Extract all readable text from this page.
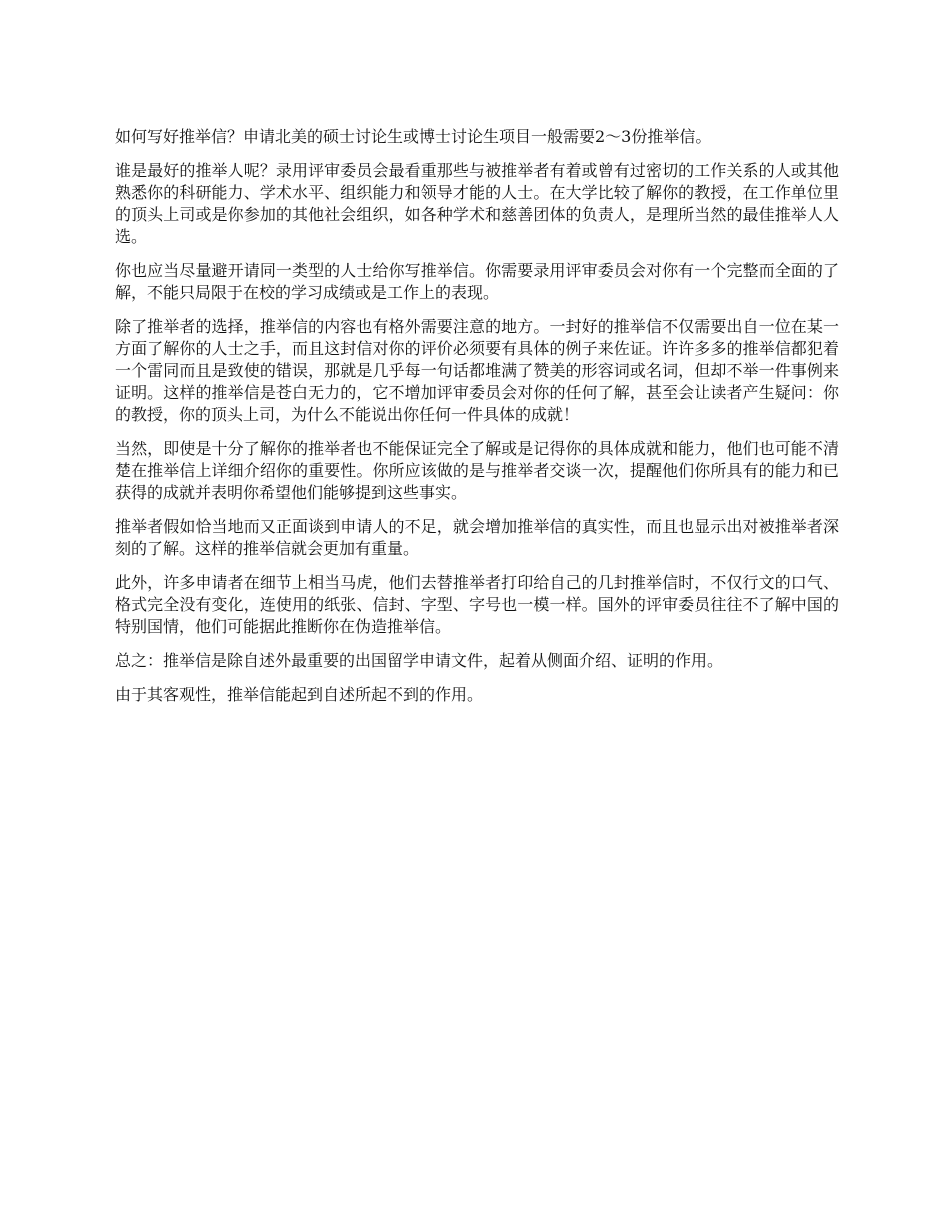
如何写好推举信？申请北美的硕士讨论生或博士讨论生项目一般需要2～3份推举信。

谁是最好的推举人呢？录用评审委员会最看重那些与被推举者有着或曾有过密切的工作关系的人或其他熟悉你的科研能力、学术水平、组织能力和领导才能的人士。在大学比较了解你的教授，在工作单位里的顶头上司或是你参加的其他社会组织，如各种学术和慈善团体的负责人，是理所当然的最佳推举人人选。

你也应当尽量避开请同一类型的人士给你写推举信。你需要录用评审委员会对你有一个完整而全面的了解，不能只局限于在校的学习成绩或是工作上的表现。

除了推举者的选择，推举信的内容也有格外需要注意的地方。一封好的推举信不仅需要出自一位在某一方面了解你的人士之手，而且这封信对你的评价必须要有具体的例子来佐证。许许多多的推举信都犯着一个雷同而且是致使的错误，那就是几乎每一句话都堆满了赞美的形容词或名词，但却不举一件事例来证明。这样的推举信是苍白无力的，它不增加评审委员会对你的任何了解，甚至会让读者产生疑问：你的教授，你的顶头上司，为什么不能说出你任何一件具体的成就！

当然，即使是十分了解你的推举者也不能保证完全了解或是记得你的具体成就和能力，他们也可能不清楚在推举信上详细介绍你的重要性。你所应该做的是与推举者交谈一次，提醒他们你所具有的能力和已获得的成就并表明你希望他们能够提到这些事实。

推举者假如恰当地而又正面谈到申请人的不足，就会增加推举信的真实性，而且也显示出对被推举者深刻的了解。这样的推举信就会更加有重量。

此外，许多申请者在细节上相当马虎，他们去替推举者打印给自己的几封推举信时，不仅行文的口气、格式完全没有变化，连使用的纸张、信封、字型、字号也一模一样。国外的评审委员往往不了解中国的特别国情，他们可能据此推断你在伪造推举信。

总之：推举信是除自述外最重要的出国留学申请文件，起着从侧面介绍、证明的作用。

由于其客观性，推举信能起到自述所起不到的作用。
